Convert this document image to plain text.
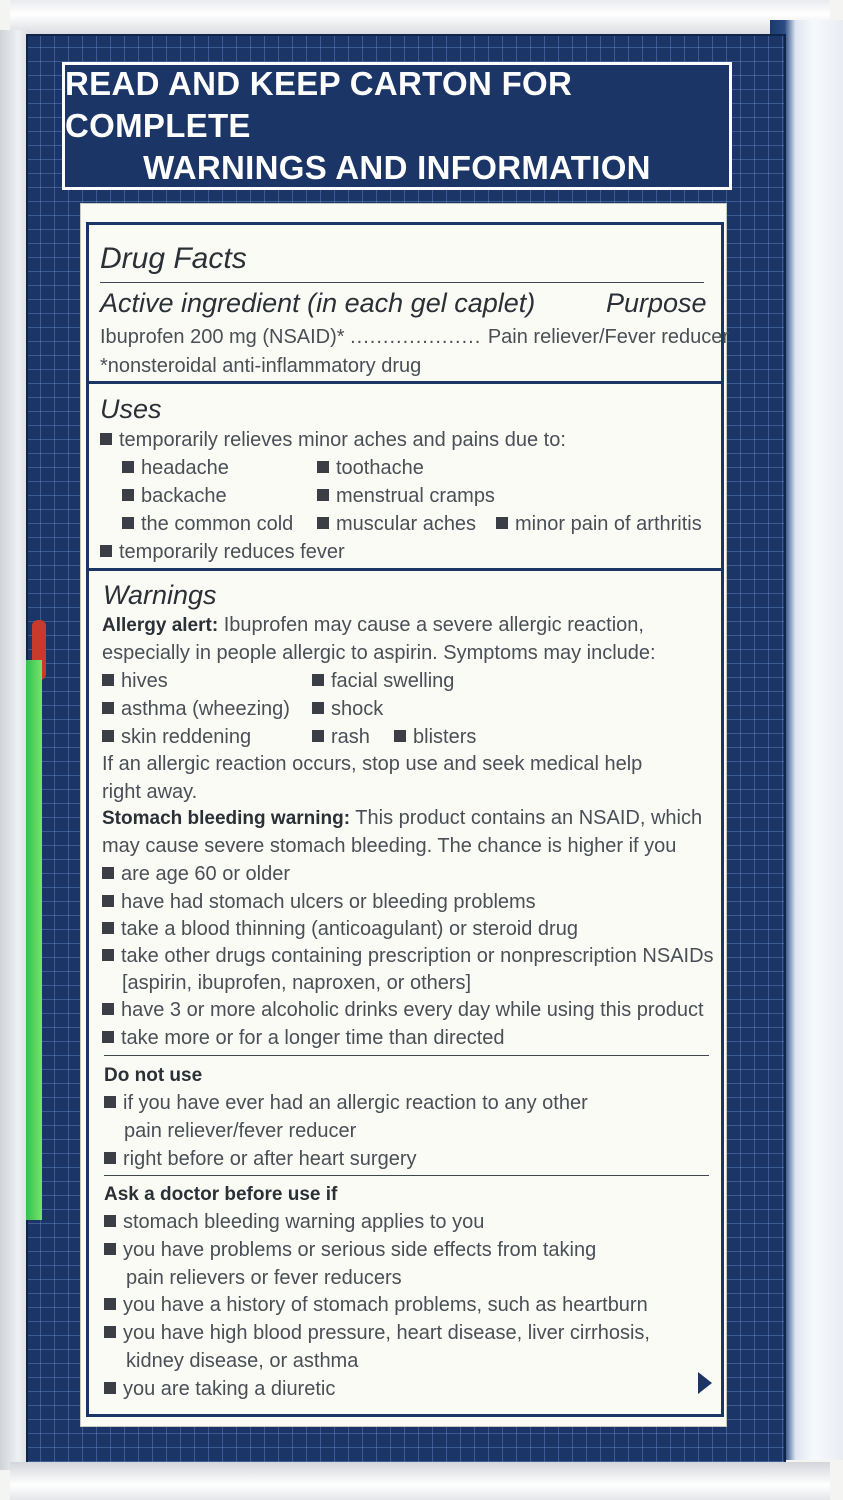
READ AND KEEP CARTON FOR COMPLETE
WARNINGS AND INFORMATION
Drug Facts
Active ingredient (in each gel caplet)	Purpose
Ibuprofen 200 mg (NSAID)* .................... Pain reliever/Fever reducer
*nonsteroidal anti-inflammatory drug
Uses
temporarily relieves minor aches and pains due to:
headache	toothache
backache	menstrual cramps
the common cold	muscular aches	minor pain of arthritis
temporarily reduces fever
Warnings
Allergy alert: Ibuprofen may cause a severe allergic reaction,
especially in people allergic to aspirin. Symptoms may include:
hives	facial swelling
asthma (wheezing)	shock
skin reddening	rash	blisters
If an allergic reaction occurs, stop use and seek medical help
right away.
Stomach bleeding warning: This product contains an NSAID, which
may cause severe stomach bleeding. The chance is higher if you
are age 60 or older
have had stomach ulcers or bleeding problems
take a blood thinning (anticoagulant) or steroid drug
take other drugs containing prescription or nonprescription NSAIDs
[aspirin, ibuprofen, naproxen, or others]
have 3 or more alcoholic drinks every day while using this product
take more or for a longer time than directed
Do not use
if you have ever had an allergic reaction to any other
pain reliever/fever reducer
right before or after heart surgery
Ask a doctor before use if
stomach bleeding warning applies to you
you have problems or serious side effects from taking
pain relievers or fever reducers
you have a history of stomach problems, such as heartburn
you have high blood pressure, heart disease, liver cirrhosis,
kidney disease, or asthma
you are taking a diuretic
